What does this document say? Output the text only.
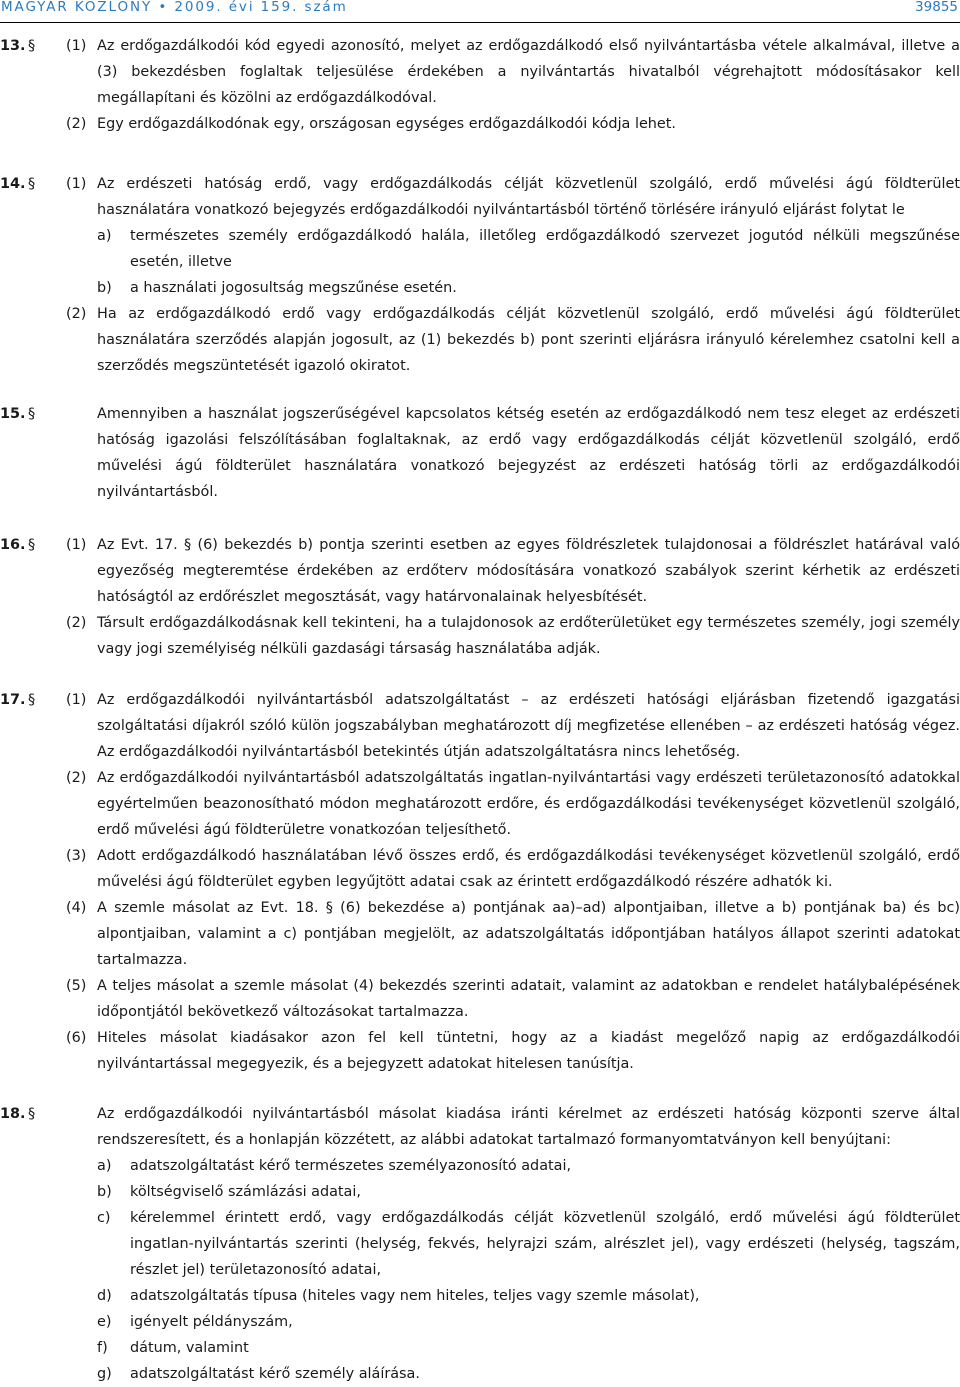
MAGYAR KÖZLÖNY • 2009. évi 159. szám	39855
13. § (1) Az erdőgazdálkodói kód egyedi azonosító, melyet az erdőgazdálkodó első nyilvántartásba vétele alkalmával, illetve a (3) bekezdésben foglaltak teljesülése érdekében a nyilvántartás hivatalból végrehajtott módosításakor kell megállapítani és közölni az erdőgazdálkodóval.
(2) Egy erdőgazdálkodónak egy, országosan egységes erdőgazdálkodói kódja lehet.
14. § (1) Az erdészeti hatóság erdő, vagy erdőgazdálkodás célját közvetlenül szolgáló, erdő művelési ágú földterület használatára vonatkozó bejegyzés erdőgazdálkodói nyilvántartásból történő törlésére irányuló eljárást folytat le
a) természetes személy erdőgazdálkodó halála, illetőleg erdőgazdálkodó szervezet jogutód nélküli megszűnése esetén, illetve
b) a használati jogosultság megszűnése esetén.
(2) Ha az erdőgazdálkodó erdő vagy erdőgazdálkodás célját közvetlenül szolgáló, erdő művelési ágú földterület használatára szerződés alapján jogosult, az (1) bekezdés b) pont szerinti eljárásra irányuló kérelemhez csatolni kell a szerződés megszüntetését igazoló okiratot.
15. §	Amennyiben a használat jogszerűségével kapcsolatos kétség esetén az erdőgazdálkodó nem tesz eleget az erdészeti hatóság igazolási felszólításában foglaltaknak, az erdő vagy erdőgazdálkodás célját közvetlenül szolgáló, erdő művelési ágú földterület használatára vonatkozó bejegyzést az erdészeti hatóság törli az erdőgazdálkodói nyilvántartásból.
16. § (1) Az Evt. 17. § (6) bekezdés b) pontja szerinti esetben az egyes földrészletek tulajdonosai a földrészlet határával való egyezőség megteremtése érdekében az erdőterv módosítására vonatkozó szabályok szerint kérhetik az erdészeti hatóságtól az erdőrészlet megosztását, vagy határvonalainak helyesbítését.
(2) Társult erdőgazdálkodásnak kell tekinteni, ha a tulajdonosok az erdőterületüket egy természetes személy, jogi személy vagy jogi személyiség nélküli gazdasági társaság használatába adják.
17. § (1) Az erdőgazdálkodói nyilvántartásból adatszolgáltatást – az erdészeti hatósági eljárásban fizetendő igazgatási szolgáltatási díjakról szóló külön jogszabályban meghatározott díj megfizetése ellenében – az erdészeti hatóság végez. Az erdőgazdálkodói nyilvántartásból betekintés útján adatszolgáltatásra nincs lehetőség.
(2) Az erdőgazdálkodói nyilvántartásból adatszolgáltatás ingatlan-nyilvántartási vagy erdészeti területazonosító adatokkal egyértelműen beazonosítható módon meghatározott erdőre, és erdőgazdálkodási tevékenységet közvetlenül szolgáló, erdő művelési ágú földterületre vonatkozóan teljesíthető.
(3) Adott erdőgazdálkodó használatában lévő összes erdő, és erdőgazdálkodási tevékenységet közvetlenül szolgáló, erdő művelési ágú földterület egyben legyűjtött adatai csak az érintett erdőgazdálkodó részére adhatók ki.
(4) A szemle másolat az Evt. 18. § (6) bekezdése a) pontjának aa)–ad) alpontjaiban, illetve a b) pontjának ba) és bc) alpontjaiban, valamint a c) pontjában megjelölt, az adatszolgáltatás időpontjában hatályos állapot szerinti adatokat tartalmazza.
(5) A teljes másolat a szemle másolat (4) bekezdés szerinti adatait, valamint az adatokban e rendelet hatálybalépésének időpontjától bekövetkező változásokat tartalmazza.
(6) Hiteles másolat kiadásakor azon fel kell tüntetni, hogy az a kiadást megelőző napig az erdőgazdálkodói nyilvántartással megegyezik, és a bejegyzett adatokat hitelesen tanúsítja.
18. §	Az erdőgazdálkodói nyilvántartásból másolat kiadása iránti kérelmet az erdészeti hatóság központi szerve által rendszeresített, és a honlapján közzétett, az alábbi adatokat tartalmazó formanyomtatványon kell benyújtani:
a) adatszolgáltatást kérő természetes személyazonosító adatai,
b) költségviselő számlázási adatai,
c) kérelemmel érintett erdő, vagy erdőgazdálkodás célját közvetlenül szolgáló, erdő művelési ágú földterület ingatlan-nyilvántartás szerinti (helység, fekvés, helyrajzi szám, alrészlet jel), vagy erdészeti (helység, tagszám, részlet jel) területazonosító adatai,
d) adatszolgáltatás típusa (hiteles vagy nem hiteles, teljes vagy szemle másolat),
e) igényelt példányszám,
f) dátum, valamint
g) adatszolgáltatást kérő személy aláírása.
